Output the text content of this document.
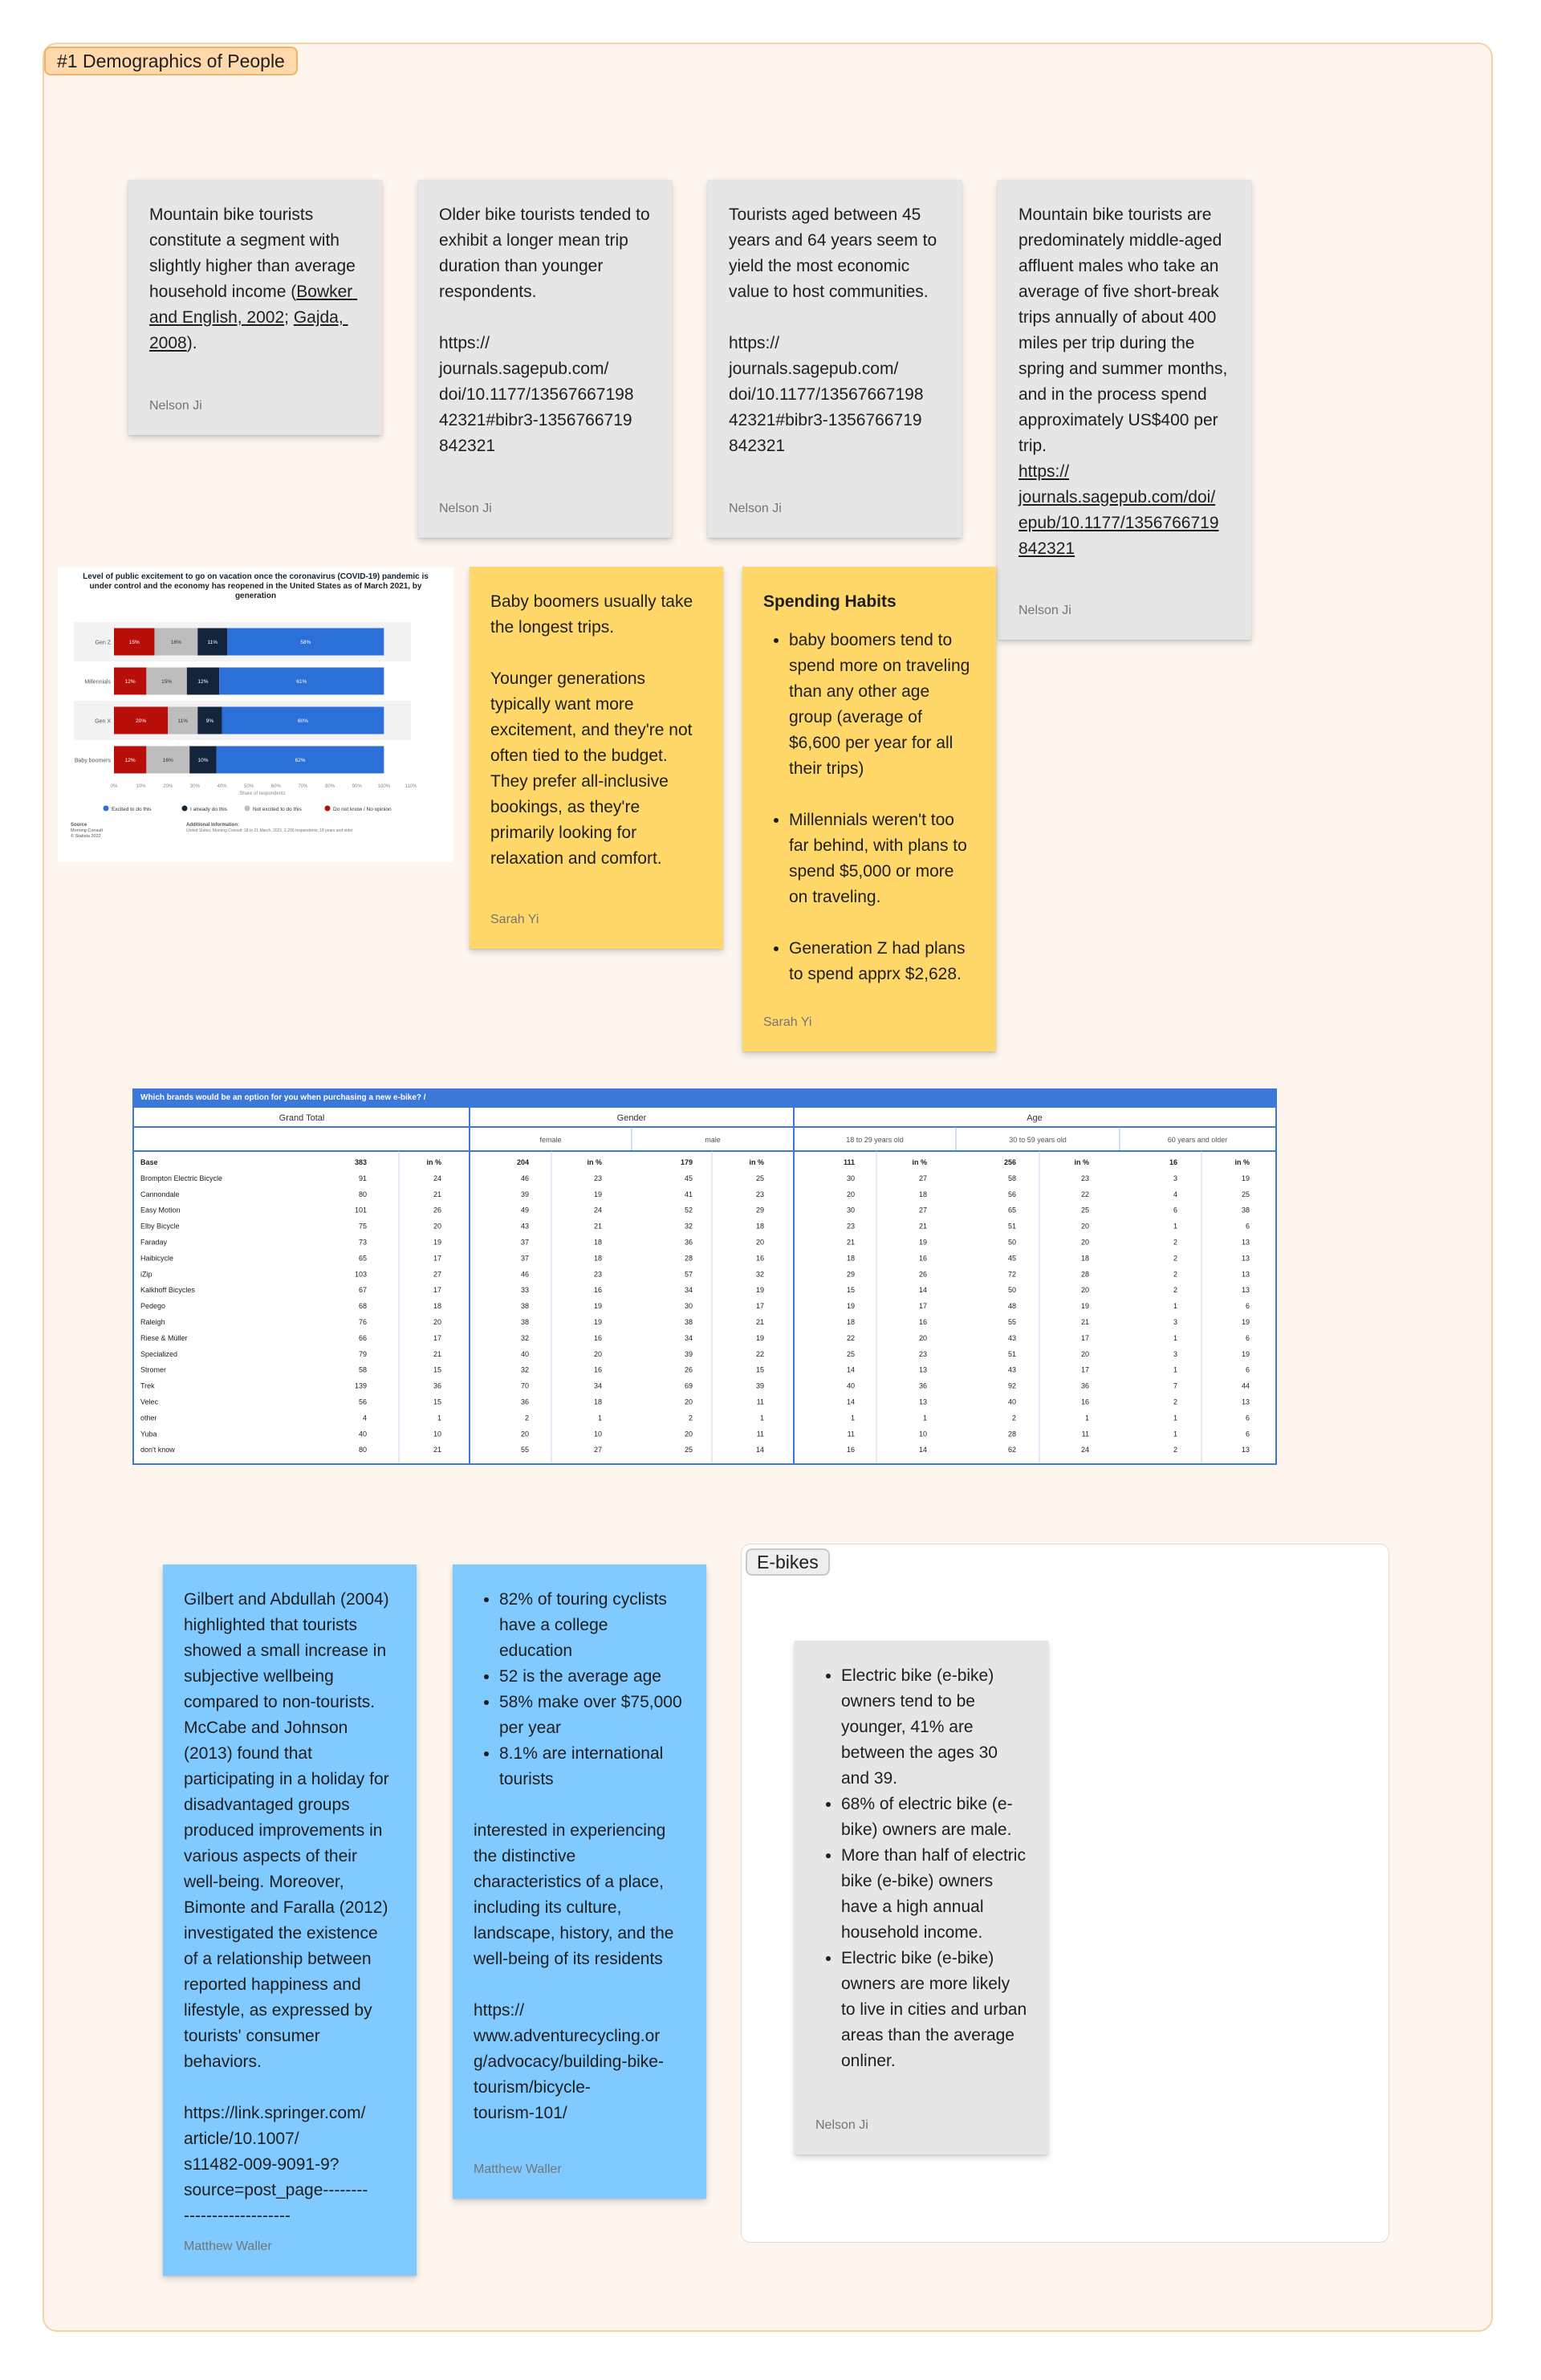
#1 Demographics of People

Mountain bike tourists constitute a segment with slightly higher than average household income (Bowker and English, 2002; Gajda, 2008).

Nelson Ji

Older bike tourists tended to exhibit a longer mean trip duration than younger respondents.

https://
journals.sagepub.com/
doi/10.1177/13567667198
42321#bibr3-1356766719
842321

Nelson Ji

Tourists aged between 45 years and 64 years seem to yield the most economic value to host communities.

https://
journals.sagepub.com/
doi/10.1177/13567667198
42321#bibr3-1356766719
842321

Nelson Ji

Mountain bike tourists are predominately middle-aged affluent males who take an average of five short-break trips annually of about 400 miles per trip during the spring and summer months, and in the process spend approximately US$400 per trip.

https://
journals.sagepub.com/doi/
epub/10.1177/1356766719
842321

Nelson Ji
Level of public excitement to go on vacation once the coronavirus (COVID-19) pandemic is under control and the economy has reopened in the United States as of March 2021, by generation
Gen Z	15%	16%	11%	58%
Millennials	12%	15%	12%	61%
Gen X	20%	11%	9%	60%
Baby boomers	12%	16%	10%	62%
0%	10%	20%	30%	40%	50%	60%	70%	80%	90%	100%	110%
Share of respondents
Excited to do this	I already do this	Not excited to do this	Do not know / No opinion
Source
Morning Consult
© Statista 2022
Additional Information:
United States; Morning Consult; 18 to 21 March, 2021; 2,200 respondents; 18 years and older

Baby boomers usually take the longest trips.

Younger generations typically want more excitement, and they're not often tied to the budget. They prefer all-inclusive bookings, as they're primarily looking for relaxation and comfort.

Sarah Yi

Spending Habits

• baby boomers tend to spend more on traveling than any other age group (average of $6,600 per year for all their trips)
• Millennials weren't too far behind, with plans to spend $5,000 or more on traveling.
• Generation Z had plans to spend apprx $2,628.
Sarah Yi
Which brands would be an option for you when purchasing a new e-bike? /
Grand Total	Gender	Age
female	male	18 to 29 years old	30 to 59 years old	60 years and older
Base	383	in %	204	in %	179	in %	111	in %	256	in %	16	in %
Brompton Electric Bicycle	91	24	46	23	45	25	30	27	58	23	3	19
Cannondale	80	21	39	19	41	23	20	18	56	22	4	25
Easy Motion	101	26	49	24	52	29	30	27	65	25	6	38
Elby Bicycle	75	20	43	21	32	18	23	21	51	20	1	6
Faraday	73	19	37	18	36	20	21	19	50	20	2	13
Haibicycle	65	17	37	18	28	16	18	16	45	18	2	13
iZip	103	27	46	23	57	32	29	26	72	28	2	13
Kalkhoff Bicycles	67	17	33	16	34	19	15	14	50	20	2	13
Pedego	68	18	38	19	30	17	19	17	48	19	1	6
Raleigh	76	20	38	19	38	21	18	16	55	21	3	19
Riese & Müller	66	17	32	16	34	19	22	20	43	17	1	6
Specialized	79	21	40	20	39	22	25	23	51	20	3	19
Stromer	58	15	32	16	26	15	14	13	43	17	1	6
Trek	139	36	70	34	69	39	40	36	92	36	7	44
Velec	56	15	36	18	20	11	14	13	40	16	2	13
other	4	1	2	1	2	1	1	1	2	1	1	6
Yuba	40	10	20	10	20	11	11	10	28	11	1	6
don't know	80	21	55	27	25	14	16	14	62	24	2	13

Gilbert and Abdullah (2004) highlighted that tourists showed a small increase in subjective wellbeing compared to non-tourists. McCabe and Johnson (2013) found that participating in a holiday for disadvantaged groups produced improvements in various aspects of their well-being. Moreover, Bimonte and Faralla (2012) investigated the existence of a relationship between reported happiness and lifestyle, as expressed by tourists' consumer behaviors.

https://link.springer.com/
article/10.1007/
s11482-009-9091-9?
source=post_page--------
-------------------

Matthew Waller
• 82% of touring cyclists have a college education
• 52 is the average age
• 58% make over $75,000 per year
• 8.1% are international tourists

interested in experiencing the distinctive characteristics of a place, including its culture, landscape, history, and the well-being of its residents

https://
www.adventurecycling.or
g/advocacy/building-bike-
tourism/bicycle-
tourism-101/

Matthew Waller
E-bikes
• Electric bike (e-bike) owners tend to be younger, 41% are between the ages 30 and 39.
• 68% of electric bike (e-bike) owners are male.
• More than half of electric bike (e-bike) owners have a high annual household income.
• Electric bike (e-bike) owners are more likely to live in cities and urban areas than the average onliner.
Nelson Ji
